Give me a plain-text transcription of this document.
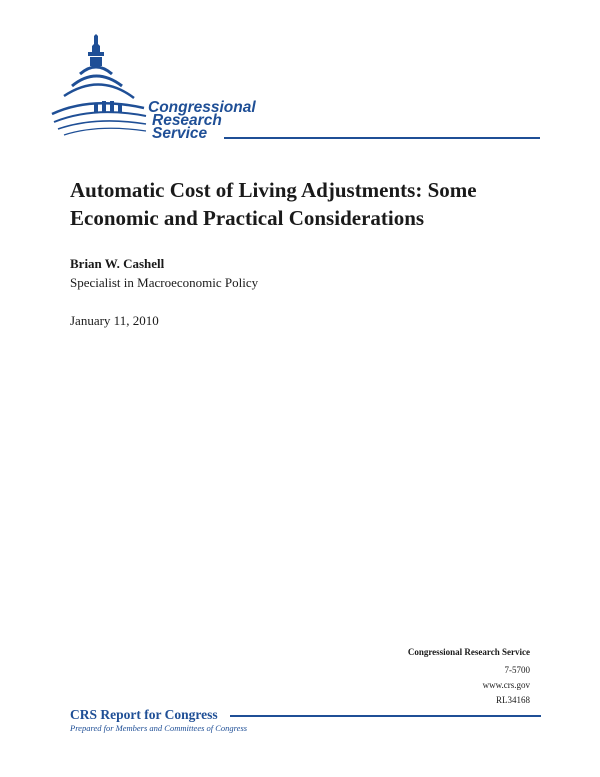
Congressional
Research
Service
Automatic Cost of Living Adjustments: Some Economic and Practical Considerations
Brian W. Cashell
Specialist in Macroeconomic Policy
January 11, 2010
Congressional Research Service
7-5700
www.crs.gov
RL34168
CRS Report for Congress
Prepared for Members and Committees of Congress
